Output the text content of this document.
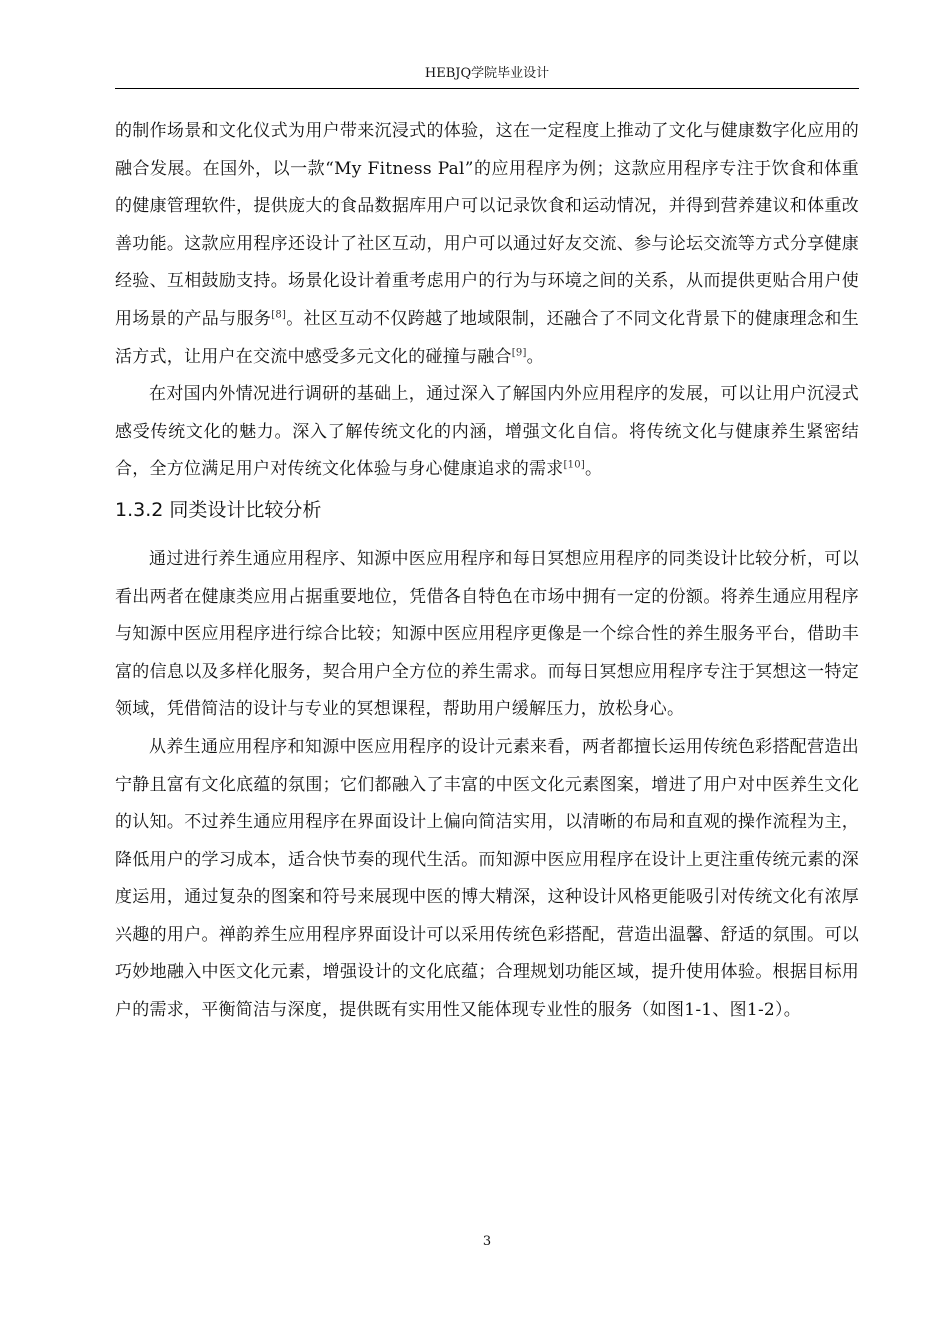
HEBJQ学院毕业设计

的制作场景和文化仪式为用户带来沉浸式的体验，这在一定程度上推动了文化与健康数字化应用的融合发展。在国外，以一款“My Fitness Pal”的应用程序为例；这款应用程序专注于饮食和体重的健康管理软件，提供庞大的食品数据库用户可以记录饮食和运动情况，并得到营养建议和体重改善功能。这款应用程序还设计了社区互动，用户可以通过好友交流、参与论坛交流等方式分享健康经验、互相鼓励支持。场景化设计着重考虑用户的行为与环境之间的关系，从而提供更贴合用户使用场景的产品与服务[8]。社区互动不仅跨越了地域限制，还融合了不同文化背景下的健康理念和生活方式，让用户在交流中感受多元文化的碰撞与融合[9]。

在对国内外情况进行调研的基础上，通过深入了解国内外应用程序的发展，可以让用户沉浸式感受传统文化的魅力。深入了解传统文化的内涵，增强文化自信。将传统文化与健康养生紧密结合，全方位满足用户对传统文化体验与身心健康追求的需求[10]。

1.3.2 同类设计比较分析

通过进行养生通应用程序、知源中医应用程序和每日冥想应用程序的同类设计比较分析，可以看出两者在健康类应用占据重要地位，凭借各自特色在市场中拥有一定的份额。将养生通应用程序与知源中医应用程序进行综合比较；知源中医应用程序更像是一个综合性的养生服务平台，借助丰富的信息以及多样化服务，契合用户全方位的养生需求。而每日冥想应用程序专注于冥想这一特定领域，凭借简洁的设计与专业的冥想课程，帮助用户缓解压力，放松身心。

从养生通应用程序和知源中医应用程序的设计元素来看，两者都擅长运用传统色彩搭配营造出宁静且富有文化底蕴的氛围；它们都融入了丰富的中医文化元素图案，增进了用户对中医养生文化的认知。不过养生通应用程序在界面设计上偏向简洁实用，以清晰的布局和直观的操作流程为主，降低用户的学习成本，适合快节奏的现代生活。而知源中医应用程序在设计上更注重传统元素的深度运用，通过复杂的图案和符号来展现中医的博大精深，这种设计风格更能吸引对传统文化有浓厚兴趣的用户。禅韵养生应用程序界面设计可以采用传统色彩搭配，营造出温馨、舒适的氛围。可以巧妙地融入中医文化元素，增强设计的文化底蕴；合理规划功能区域，提升使用体验。根据目标用户的需求，平衡简洁与深度，提供既有实用性又能体现专业性的服务（如图1-1、图1-2）。

3
